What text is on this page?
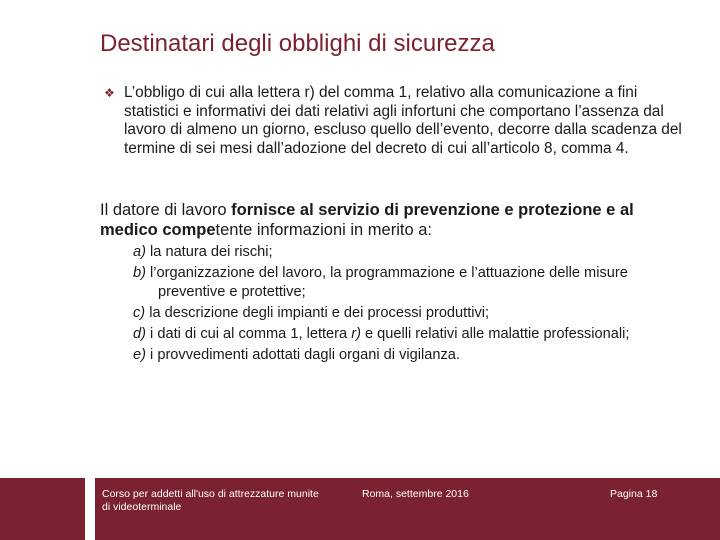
Destinatari degli obblighi di sicurezza
❖ L’obbligo di cui alla lettera r) del comma 1, relativo alla comunicazione a fini statistici e informativi dei dati relativi agli infortuni che comportano l’assenza dal lavoro di almeno un giorno, escluso quello dell’evento, decorre dalla scadenza del termine di sei mesi dall’adozione del decreto di cui all’articolo 8, comma 4.
Il datore di lavoro fornisce al servizio di prevenzione e protezione e al medico competente informazioni in merito a:
a) la natura dei rischi;
b) l’organizzazione del lavoro, la programmazione e l’attuazione delle misure preventive e protettive;
c) la descrizione degli impianti e dei processi produttivi;
d) i dati di cui al comma 1, lettera r) e quelli relativi alle malattie professionali;
e) i provvedimenti adottati dagli organi di vigilanza.
Corso per addetti all'uso di attrezzature munite di videoterminale
Roma, settembre 2016	Pagina 18
